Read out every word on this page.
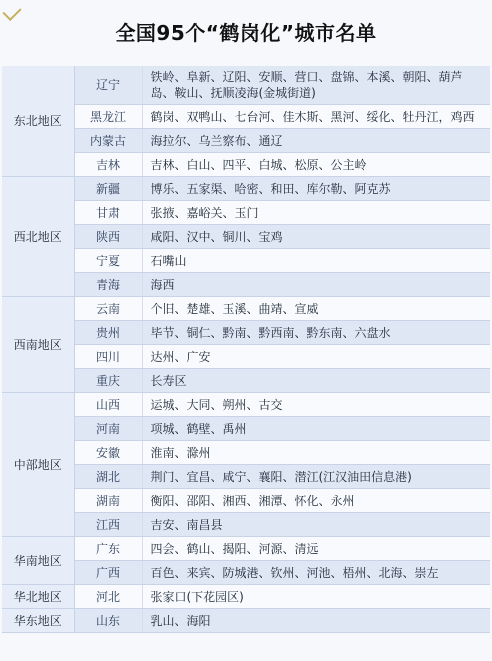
全国95个“鹤岗化”城市名单
东北地区	辽宁	铁岭、阜新、辽阳、安顺、营口、盘锦、本溪、朝阳、葫芦岛、鞍山、抚顺凌海(金城街道)
	黑龙江	鹤岗、双鸭山、七台河、佳木斯、黑河、绥化、牡丹江，鸡西
	内蒙古	海拉尔、乌兰察布、通辽
	吉林	吉林、白山、四平、白城、松原、公主岭
西北地区	新疆	博乐、五家渠、哈密、和田、库尔勒、阿克苏
	甘肃	张掖、嘉峪关、玉门
	陕西	咸阳、汉中、铜川、宝鸡
	宁夏	石嘴山
	青海	海西
西南地区	云南	个旧、楚雄、玉溪、曲靖、宣威
	贵州	毕节、铜仁、黔南、黔西南、黔东南、六盘水
	四川	达州、广安
	重庆	长寿区
中部地区	山西	运城、大同、朔州、古交
	河南	项城、鹤壁、禹州
	安徽	淮南、滁州
	湖北	荆门、宜昌、咸宁、襄阳、潜江(江汉油田信息港)
	湖南	衡阳、邵阳、湘西、湘潭、怀化、永州
	江西	吉安、南昌县
华南地区	广东	四会、鹤山、揭阳、河源、清远
	广西	百色、来宾、防城港、钦州、河池、梧州、北海、崇左
华北地区	河北	张家口(下花园区)
华东地区	山东	乳山、海阳
